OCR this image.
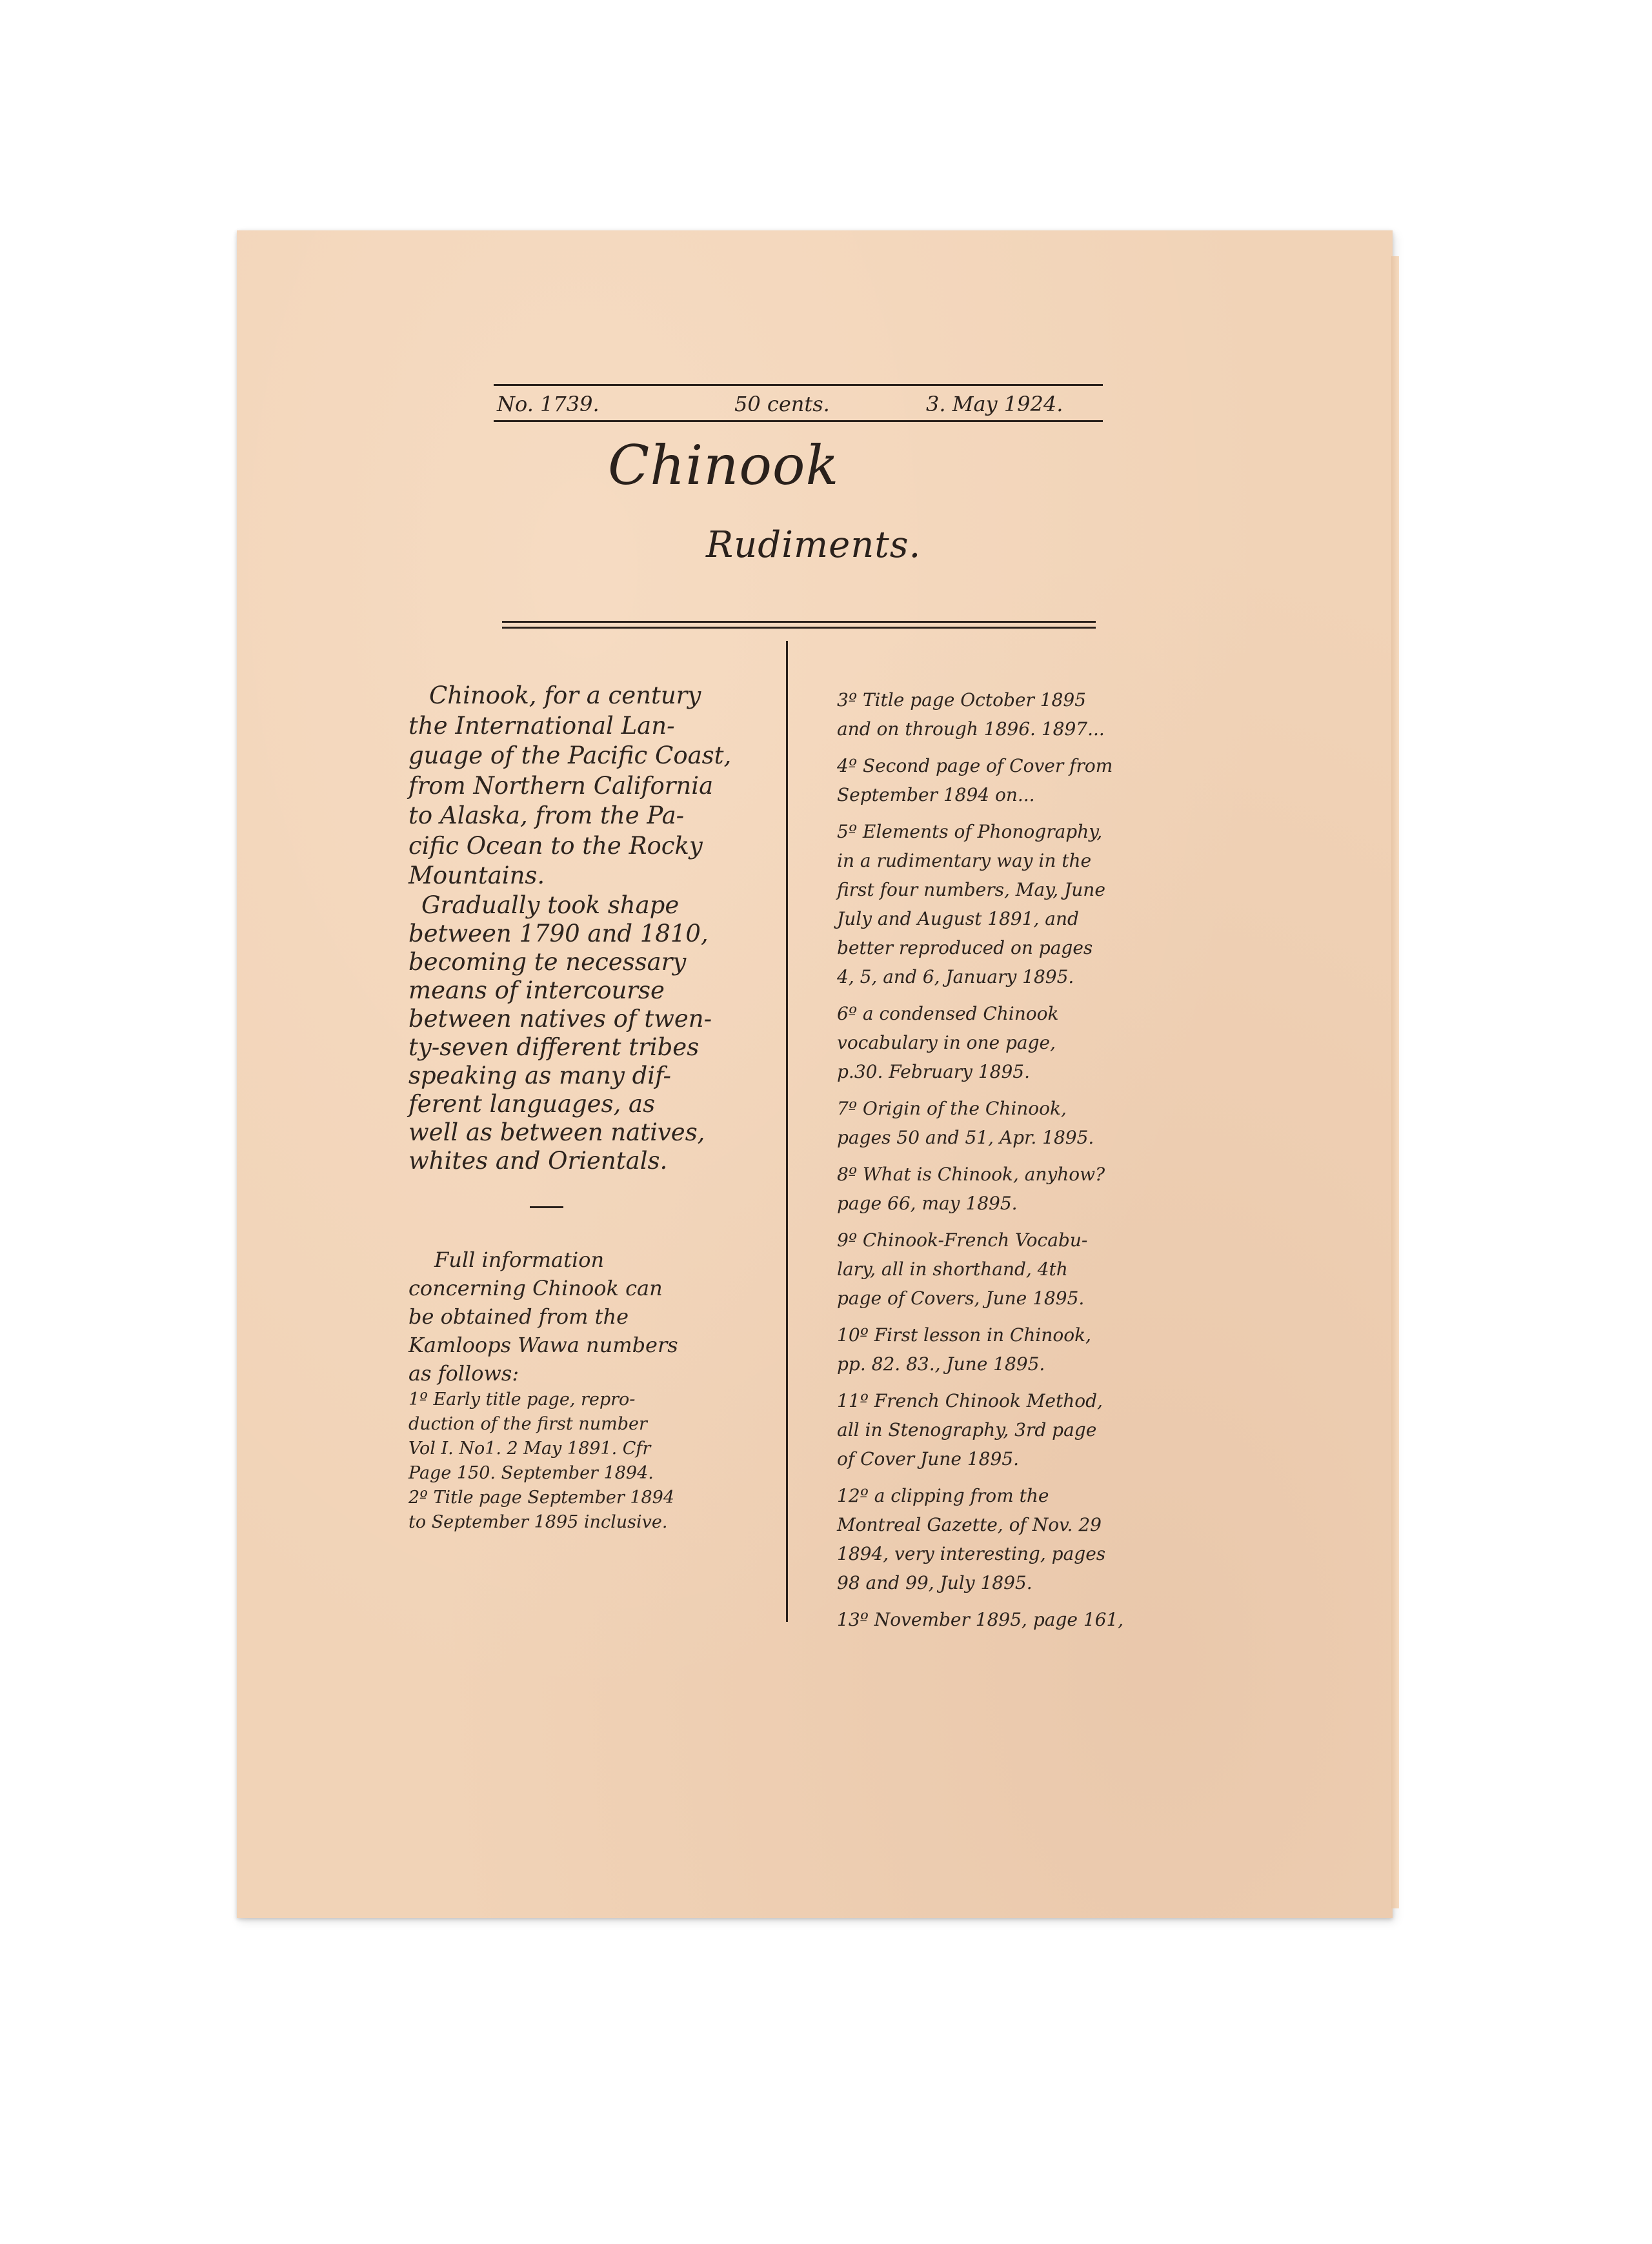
No. 1739.	50 cents.	3. May 1924.
Chinook
Rudiments.

Chinook, for a century
the International Lan-
guage of the Pacific Coast,
from Northern California
to Alaska, from the Pa-
cific Ocean to the Rocky
Mountains.

Gradually took shape
between 1790 and 1810,
becoming te necessary
means of intercourse
between natives of twen-
ty-seven different tribes
speaking as many dif-
ferent languages, as
well as between natives,
whites and Orientals.

Full information
concerning Chinook can
be obtained from the
Kamloops Wawa numbers
as follows:

1º Early title page, repro-
duction of the first number
Vol I. No1. 2 May 1891. Cfr
Page 150. September 1894.

2º Title page September 1894
to September 1895 inclusive.

3º Title page October 1895
and on through 1896. 1897...

4º Second page of Cover from
September 1894 on...

5º Elements of Phonography,
in a rudimentary way in the
first four numbers, May, June
July and August 1891, and
better reproduced on pages
4, 5, and 6, January 1895.

6º a condensed Chinook
vocabulary in one page,
p.30. February 1895.

7º Origin of the Chinook,
pages 50 and 51, Apr. 1895.

8º What is Chinook, anyhow?
page 66, may 1895.

9º Chinook-French Vocabu-
lary, all in shorthand, 4th
page of Covers, June 1895.

10º First lesson in Chinook,
pp. 82. 83., June 1895.

11º French Chinook Method,
all in Stenography, 3rd page
of Cover June 1895.

12º a clipping from the
Montreal Gazette, of Nov. 29
1894, very interesting, pages
98 and 99, July 1895.

13º November 1895, page 161,
